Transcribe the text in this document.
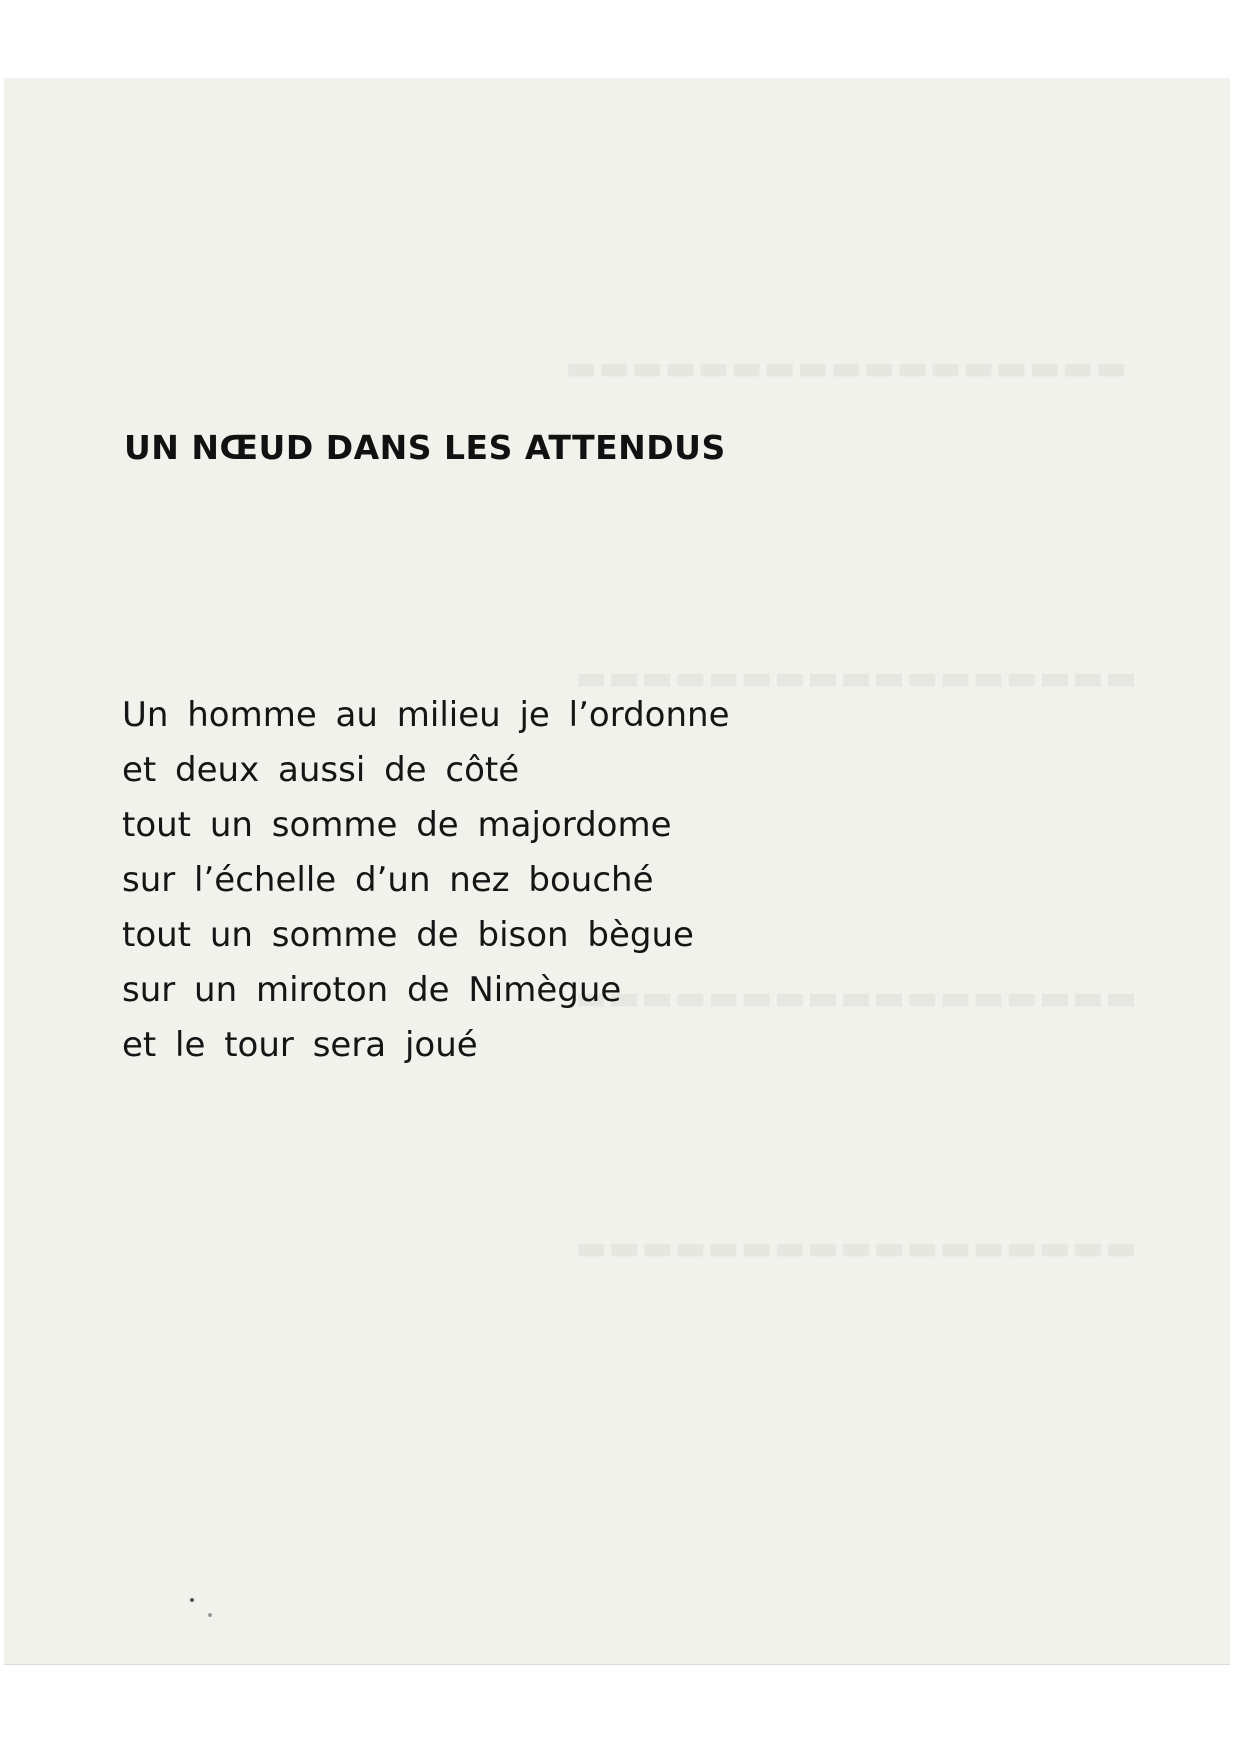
UN NŒUD DANS LES ATTENDUS
Un homme au milieu je l’ordonne
et deux aussi de côté
tout un somme de majordome
sur l’échelle d’un nez bouché
tout un somme de bison bègue
sur un miroton de Nimègue
et le tour sera joué
